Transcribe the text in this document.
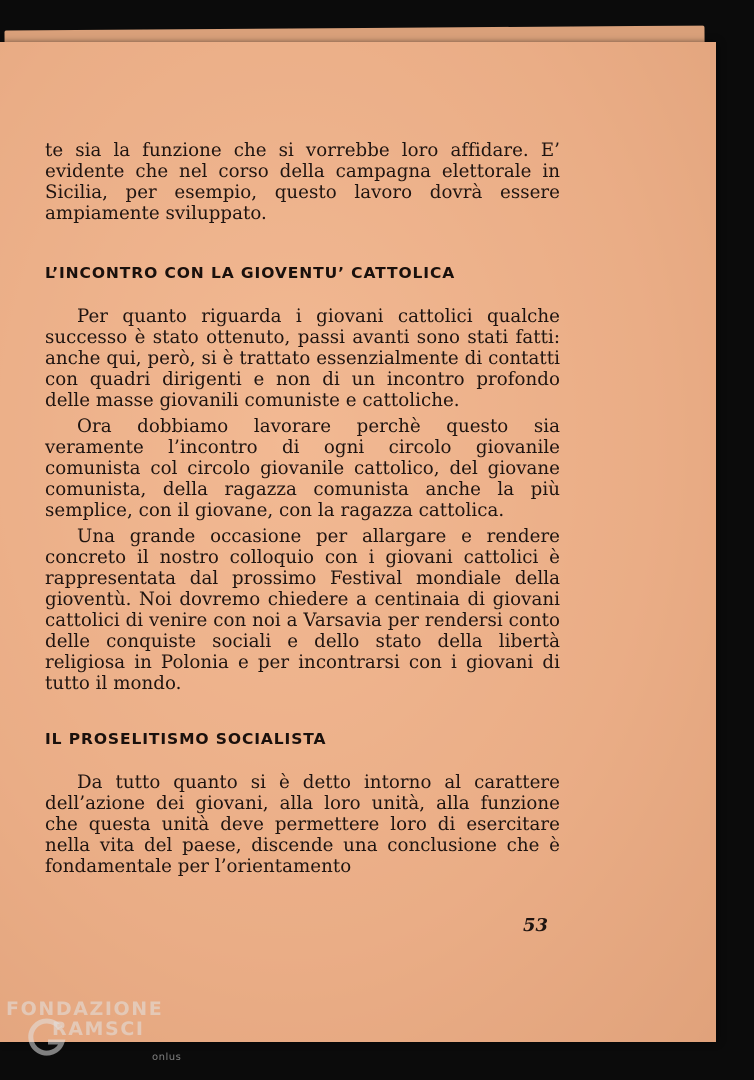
te sia la funzione che si vorrebbe loro affidare. E’ evidente che nel corso della campagna elettorale in Sicilia, per esempio, questo lavoro dovrà essere ampiamente sviluppato.

L’INCONTRO CON LA GIOVENTU’ CATTOLICA

Per quanto riguarda i giovani cattolici qualche successo è stato ottenuto, passi avanti sono stati fatti: anche qui, però, si è trattato essenzialmente di contatti con quadri dirigenti e non di un incontro profondo delle masse giovanili comuniste e cattoliche.

Ora dobbiamo lavorare perchè questo sia veramente l’incontro di ogni circolo giovanile comunista col circolo giovanile cattolico, del giovane comunista, della ragazza comunista anche la più semplice, con il giovane, con la ragazza cattolica.

Una grande occasione per allargare e rendere concreto il nostro colloquio con i giovani cattolici è rappresentata dal prossimo Festival mondiale della gioventù. Noi dovremo chiedere a centinaia di giovani cattolici di venire con noi a Varsavia per rendersi conto delle conquiste sociali e dello stato della libertà religiosa in Polonia e per incontrarsi con i giovani di tutto il mondo.

IL PROSELITISMO SOCIALISTA

Da tutto quanto si è detto intorno al carattere dell’azione dei giovani, alla loro unità, alla funzione che questa unità deve permettere loro di esercitare nella vita del paese, discende una conclusione che è fondamentale per l’orientamento

53
FONDAZIONE
RAMSCI
onlus
